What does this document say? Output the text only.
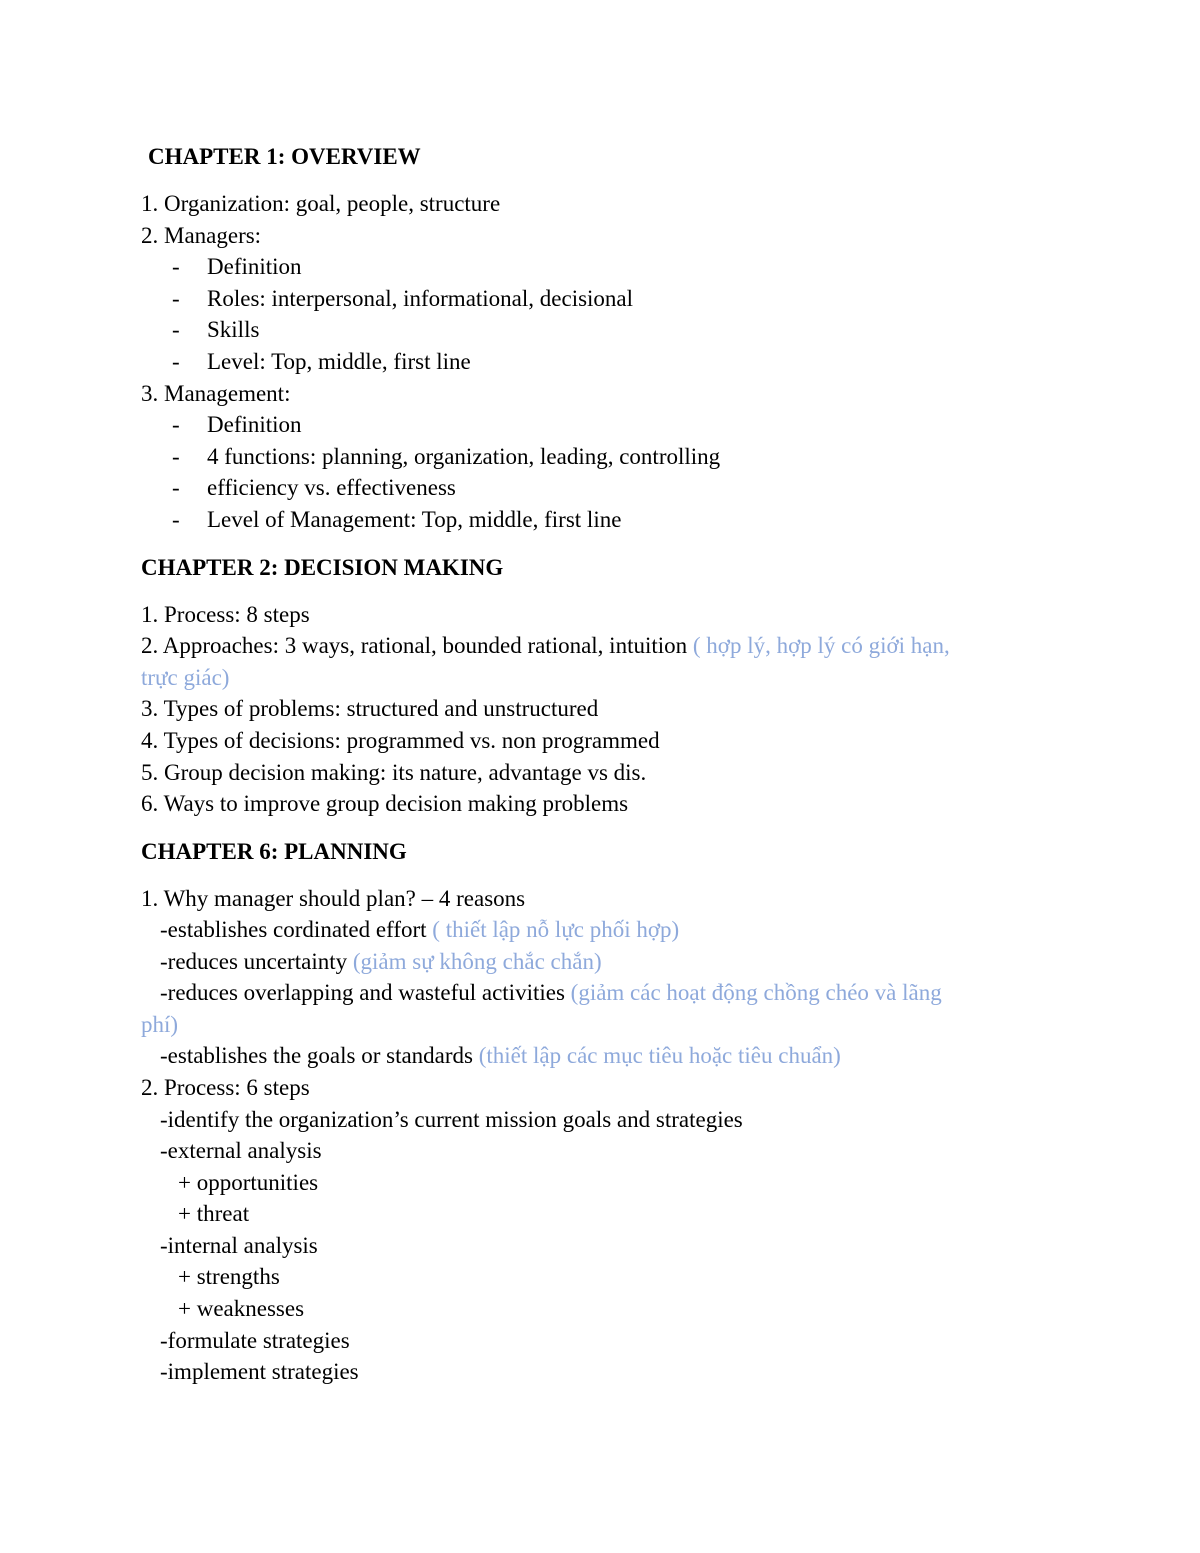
CHAPTER 1: OVERVIEW
1. Organization: goal, people, structure
2. Managers:
- Definition
- Roles: interpersonal, informational, decisional
- Skills
- Level: Top, middle, first line
3. Management:
- Definition
- 4 functions: planning, organization, leading, controlling
- efficiency vs. effectiveness
- Level of Management: Top, middle, first line
CHAPTER 2: DECISION MAKING
1. Process: 8 steps
2. Approaches: 3 ways, rational, bounded rational, intuition ( hợp lý, hợp lý có giới hạn,
trực giác)
3. Types of problems: structured and unstructured
4. Types of decisions: programmed vs. non programmed
5. Group decision making: its nature, advantage vs dis.
6. Ways to improve group decision making problems
CHAPTER 6: PLANNING
1. Why manager should plan? – 4 reasons
-establishes cordinated effort ( thiết lập nỗ lực phối hợp)
-reduces uncertainty (giảm sự không chắc chắn)
-reduces overlapping and wasteful activities (giảm các hoạt động chồng chéo và lãng
phí)
-establishes the goals or standards (thiết lập các mục tiêu hoặc tiêu chuẩn)
2. Process: 6 steps
-identify the organization’s current mission goals and strategies
-external analysis
+ opportunities
+ threat
-internal analysis
+ strengths
+ weaknesses
-formulate strategies
-implement strategies
